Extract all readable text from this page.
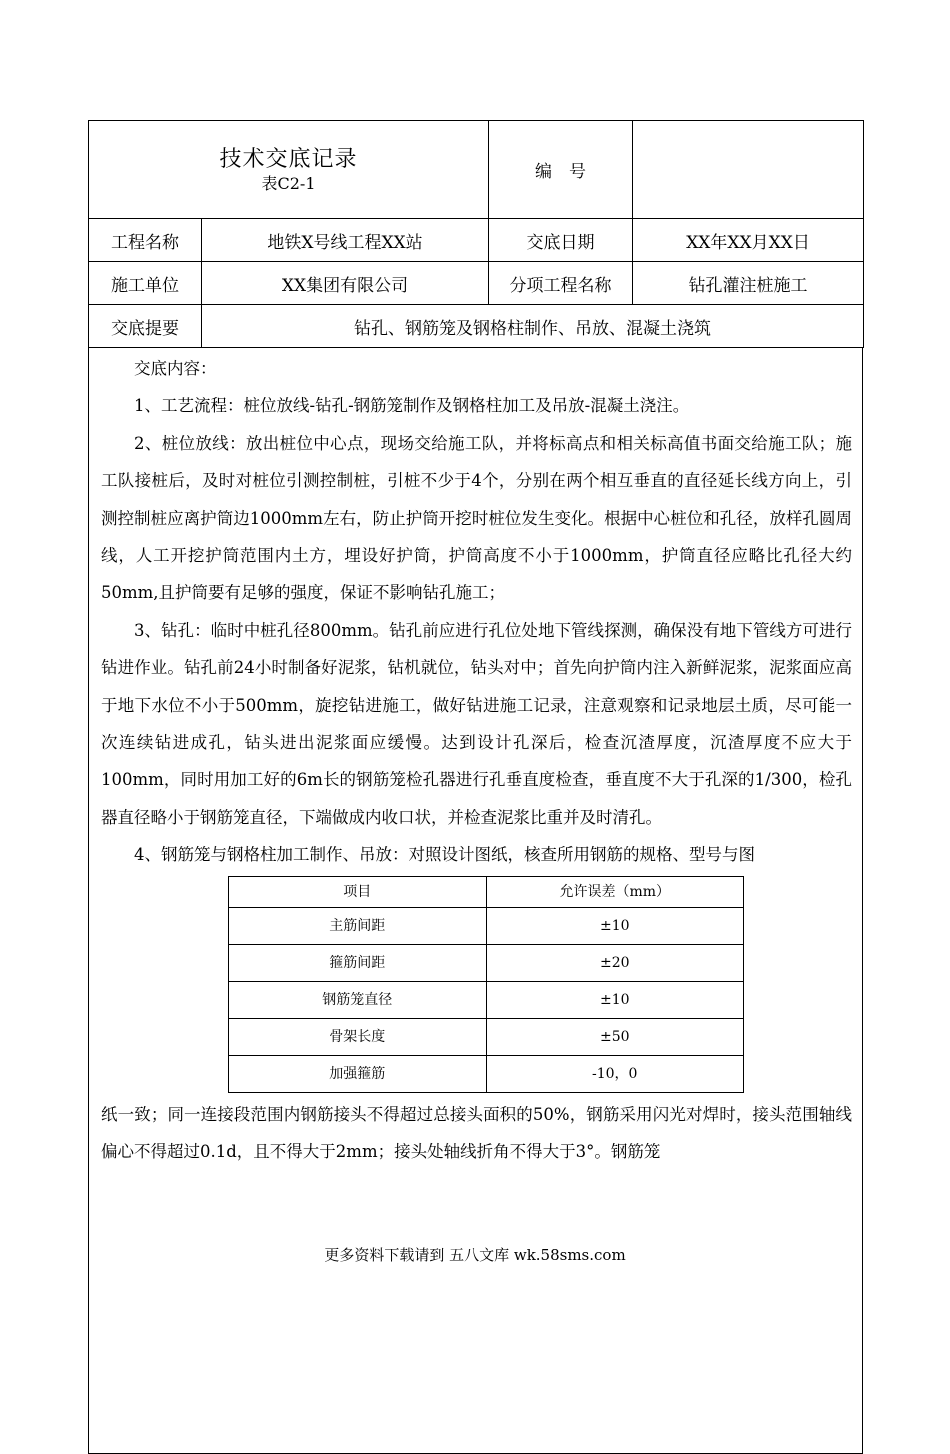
技术交底记录
表C2-1		编　号	
工程名称	地铁X号线工程XX站	交底日期	XX年XX月XX日
施工单位	XX集团有限公司	分项工程名称	钻孔灌注桩施工
交底提要	钻孔、钢筋笼及钢格柱制作、吊放、混凝土浇筑		

交底内容：

1、工艺流程：桩位放线-钻孔-钢筋笼制作及钢格柱加工及吊放-混凝土浇注。

2、桩位放线：放出桩位中心点，现场交给施工队，并将标高点和相关标高值书面交给施工队；施工队接桩后，及时对桩位引测控制桩，引桩不少于4个，分别在两个相互垂直的直径延长线方向上，引测控制桩应离护筒边1000mm左右，防止护筒开挖时桩位发生变化。根据中心桩位和孔径，放样孔圆周线，人工开挖护筒范围内土方，埋设好护筒，护筒高度不小于1000mm，护筒直径应略比孔径大约50mm,且护筒要有足够的强度，保证不影响钻孔施工；

3、钻孔：临时中桩孔径800mm。钻孔前应进行孔位处地下管线探测，确保没有地下管线方可进行钻进作业。钻孔前24小时制备好泥浆，钻机就位，钻头对中；首先向护筒内注入新鲜泥浆，泥浆面应高于地下水位不小于500mm，旋挖钻进施工，做好钻进施工记录，注意观察和记录地层土质，尽可能一次连续钻进成孔，钻头进出泥浆面应缓慢。达到设计孔深后，检查沉渣厚度，沉渣厚度不应大于100mm，同时用加工好的6m长的钢筋笼检孔器进行孔垂直度检查，垂直度不大于孔深的1/300，检孔器直径略小于钢筋笼直径，下端做成内收口状，并检查泥浆比重并及时清孔。

4、钢筋笼与钢格柱加工制作、吊放：对照设计图纸，核查所用钢筋的规格、型号与图

项目	允许误差（mm）
主筋间距	±10
箍筋间距	±20
钢筋笼直径	±10
骨架长度	±50
加强箍筋	-10，0

纸一致；同一连接段范围内钢筋接头不得超过总接头面积的50%，钢筋采用闪光对焊时，接头范围轴线偏心不得超过0.1d，且不得大于2mm；接头处轴线折角不得大于3°。钢筋笼

更多资料下载请到 五八文库 wk.58sms.com
